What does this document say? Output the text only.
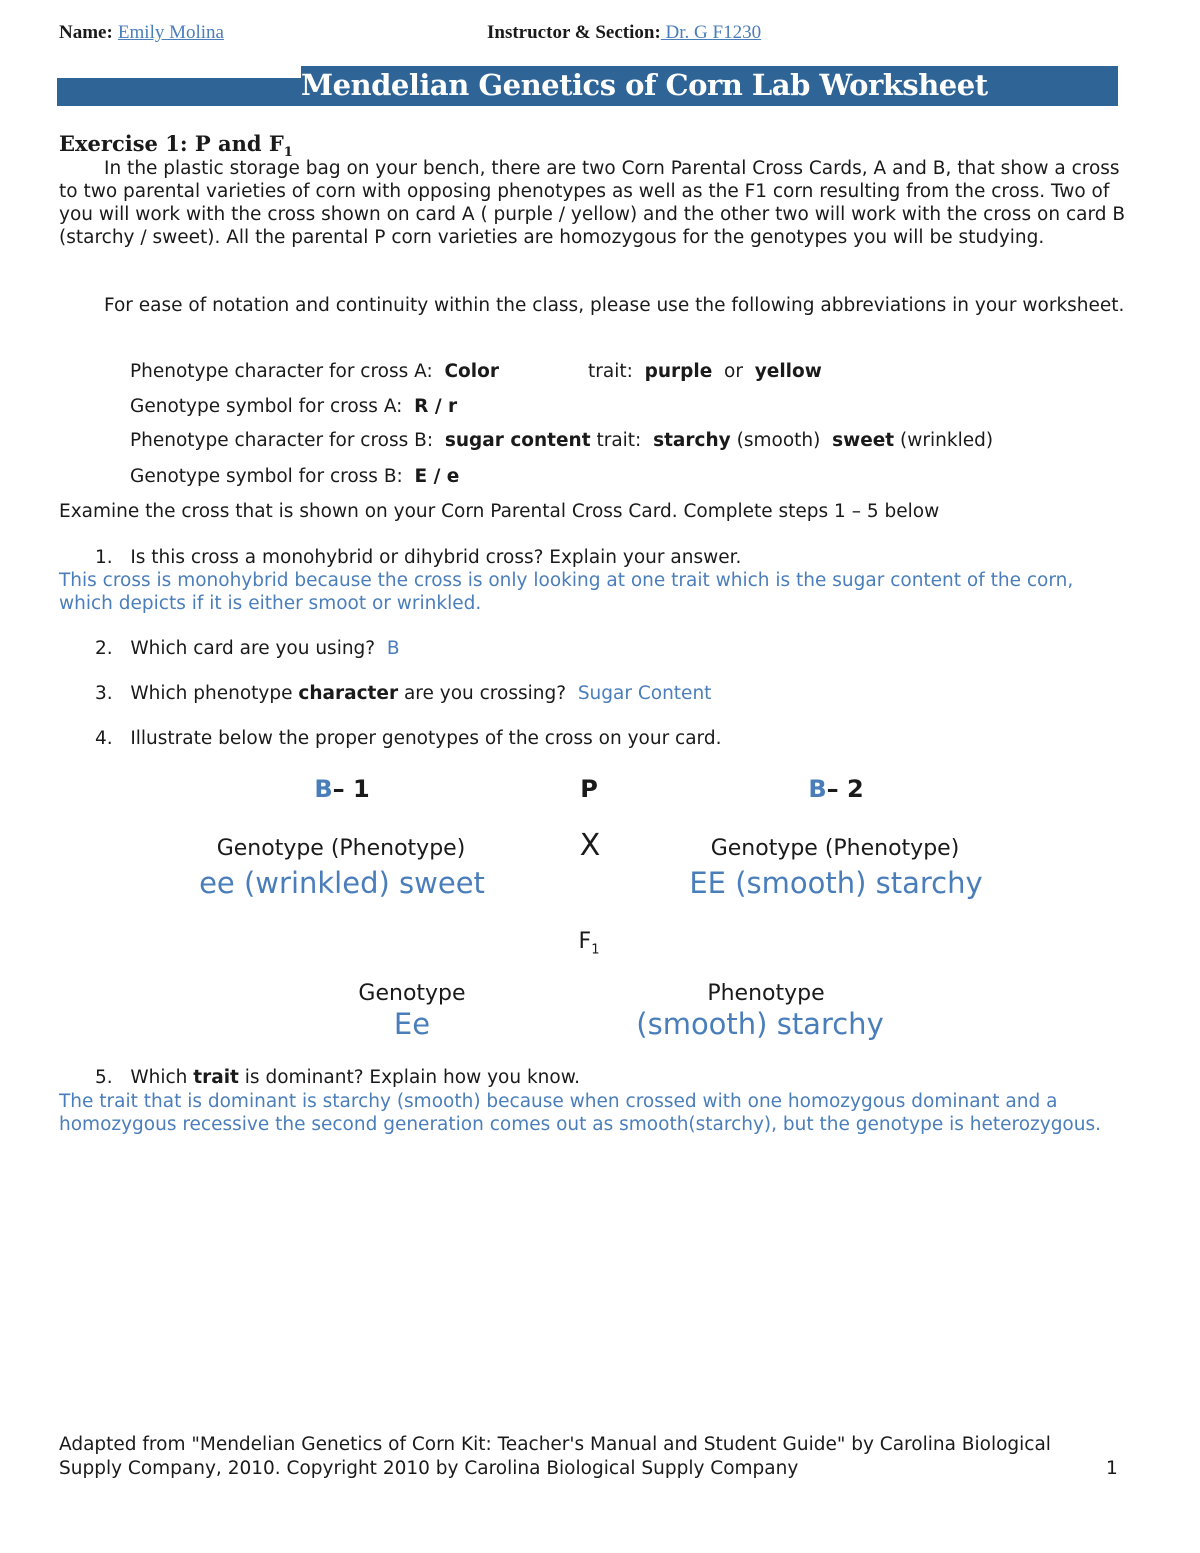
Name: Emily Molina	Instructor & Section: Dr. G F1230
Mendelian Genetics of Corn Lab Worksheet
Exercise 1: P and $F_1$
In the plastic storage bag on your bench, there are two Corn Parental Cross Cards, A and B, that show a cross to two parental varieties of corn with opposing phenotypes as well as the F1 corn resulting from the cross. Two of you will work with the cross shown on card A ( purple / yellow) and the other two will work with the cross on card B (starchy / sweet). All the parental P corn varieties are homozygous for the genotypes you will be studying.
For ease of notation and continuity within the class, please use the following abbreviations in your worksheet.
Phenotype character for cross A: Color	trait: purple or yellow
Genotype symbol for cross A: R / r
Phenotype character for cross B: sugar content trait: starchy (smooth) sweet (wrinkled)
Genotype symbol for cross B: E / e
Examine the cross that is shown on your Corn Parental Cross Card. Complete steps 1 – 5 below
1. Is this cross a monohybrid or dihybrid cross? Explain your answer.
This cross is monohybrid because the cross is only looking at one trait which is the sugar content of the corn, which depicts if it is either smoot or wrinkled.
2. Which card are you using? B
3. Which phenotype character are you crossing? Sugar Content
4. Illustrate below the proper genotypes of the cross on your card.
B– 1	P	B– 2
Genotype (Phenotype)	X	Genotype (Phenotype)
ee (wrinkled) sweet	EE (smooth) starchy
$F_1$
Genotype	Phenotype
Ee	(smooth) starchy
5. Which trait is dominant? Explain how you know.
The trait that is dominant is starchy (smooth) because when crossed with one homozygous dominant and a homozygous recessive the second generation comes out as smooth(starchy), but the genotype is heterozygous.
Adapted from "Mendelian Genetics of Corn Kit: Teacher's Manual and Student Guide" by Carolina Biological
Supply Company, 2010. Copyright 2010 by Carolina Biological Supply Company	1
